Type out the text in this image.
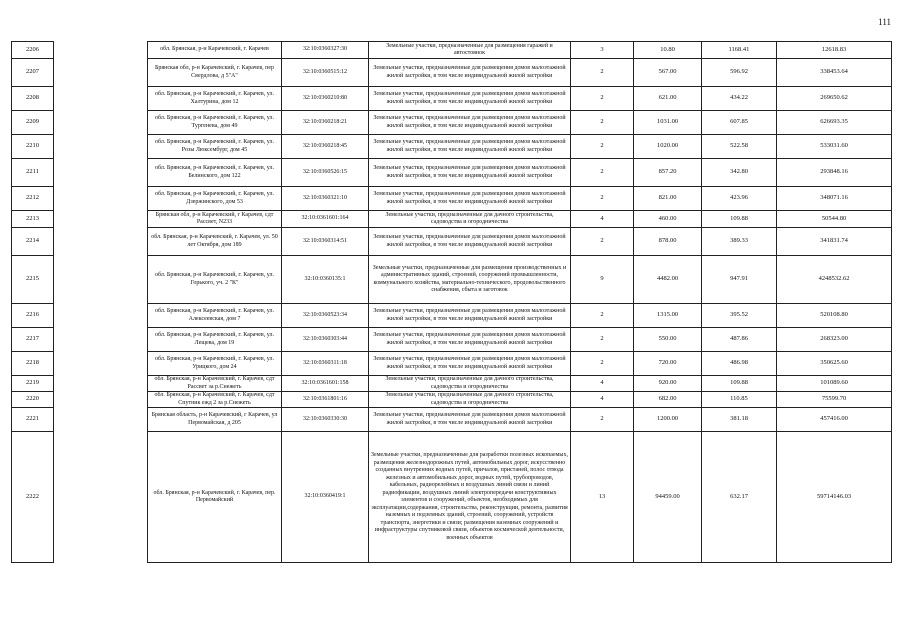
111
2206		обл. Брянская, р-н Карачевский, г. Карачев	32:10:0360327:30	Земельные участки, предназначенные для размещения гаражей и автостоянок	3	10.80	1168.41	12618.83
2207		Брянская обл, р-н Карачевский, г. Карачев, пер Свердлова, д 5"А"	32:10:0360515:12	Земельные участки, предназначенные для размещения домов малоэтажной жилой застройки, в том числе индивидуальной жилой застройки	2	567.00	596.92	338453.64
2208		обл. Брянская, р-н Карачевский, г. Карачев, ул. Халтурина, дом 12	32:10:0360210:80	Земельные участки, предназначенные для размещения домов малоэтажной жилой застройки, в том числе индивидуальной жилой застройки	2	621.00	434.22	269650.62
2209		обл. Брянская, р-н Карачевский, г. Карачев, ул. Тургенева, дом 49	32:10:0360218:21	Земельные участки, предназначенные для размещения домов малоэтажной жилой застройки, в том числе индивидуальной жилой застройки	2	1031.00	607.85	626693.35
2210		обл. Брянская, р-н Карачевский, г. Карачев, ул. Розы Люксембург, дом 45	32:10:0360218:45	Земельные участки, предназначенные для размещения домов малоэтажной жилой застройки, в том числе индивидуальной жилой застройки	2	1020.00	522.58	533031.60
2211		обл. Брянская, р-н Карачевский, г. Карачев, ул. Белинского, дом 122	32:10:0360526:15	Земельные участки, предназначенные для размещения домов малоэтажной жилой застройки, в том числе индивидуальной жилой застройки	2	857.20	342.80	293848.16
2212		обл. Брянская, р-н Карачевский, г. Карачев, ул. Дзержинского, дом 53	32:10:0360321:10	Земельные участки, предназначенные для размещения домов малоэтажной жилой застройки, в том числе индивидуальной жилой застройки	2	821.00	423.96	348071.16
2213		Брянская обл, р-н Карачевский, г Карачев, сдт Рассвет, N233	32:10:0361601:164	Земельные участки, предназначенные для дачного строительства, садоводства и огородничества	4	460.00	109.88	50544.80
2214		обл. Брянская, р-н Карачевский, г. Карачев, ул. 50 лет Октября, дом 189	32:10:0360314:51	Земельные участки, предназначенные для размещения домов малоэтажной жилой застройки, в том числе индивидуальной жилой застройки	2	878.00	389.33	341831.74
2215		обл. Брянская, р-н Карачевский, г. Карачев, ул. Горького, уч. 2 "К"	32:10:0360135:1	Земельные участки, предназначенные для размещения производственных и административных зданий, строений, сооружений промышленности, коммунального хозяйства, материально-технического, продовольственного снабжения, сбыта и заготовок	9	4482.00	947.91	4248532.62
2216		обл. Брянская, р-н Карачевский, г. Карачев, ул. Алексеевская, дом 7	32:10:0360523:34	Земельные участки, предназначенные для размещения домов малоэтажной жилой застройки, в том числе индивидуальной жилой застройки	2	1315.00	395.52	520108.80
2217		обл. Брянская, р-н Карачевский, г. Карачев, ул. Лещева, дом 19	32:10:0360303:44	Земельные участки, предназначенные для размещения домов малоэтажной жилой застройки, в том числе индивидуальной жилой застройки	2	550.00	487.86	268323.00
2218		обл. Брянская, р-н Карачевский, г. Карачев, ул. Урицкого, дом 24	32:10:0360311:18	Земельные участки, предназначенные для размещения домов малоэтажной жилой застройки, в том числе индивидуальной жилой застройки	2	720.00	486.98	350625.60
2219		обл. Брянская, р-н Карачевский, г. Карачев, сдт Рассвет за р.Снежеть	32:10:0361601:158	Земельные участки, предназначенные для дачного строительства, садоводства и огородничества	4	920.00	109.88	101089.60
2220		обл. Брянская, р-н Карачевский, г. Карачев, сдт Спутник ежд 2 за р.Снежеть	32:10:0361801:16	Земельные участки, предназначенные для дачного строительства, садоводства и огородничества	4	682.00	110.85	75599.70
2221		Брянская область, р-н Карачевский, г Карачев, ул Первомайская, д 205	32:10:0360330:30	Земельные участки, предназначенные для размещения домов малоэтажной жилой застройки, в том числе индивидуальной жилой застройки	2	1200.00	381.18	457416.00
2222		обл. Брянская, р-н Карачевский, г. Карачев, пер. Первомайский	32:10:0360419:1	Земельные участки, предназначенные для разработки полезных ископаемых, размещения железнодорожных путей, автомобильных дорог, искусственно созданных внутренних водных путей, причалов, пристаней, полос отвода железных и автомобильных дорог, водных путей, трубопроводов, кабельных, радиорелейных и воздушных линий связи и линий радиофикации, воздушных линий электропередачи конструктивных элементов и сооружений, объектов, необходимых для эксплуатации,содержания, строительства, реконструкции, ремонта, развития наземных и подземных зданий, строений, сооружений, устройств транспорта, энергетики и связи; размещения наземных сооружений и инфраструктуры спутниковой связи, объектов космической деятельности, военных объектов	13	94459.00	632.17	59714146.03
